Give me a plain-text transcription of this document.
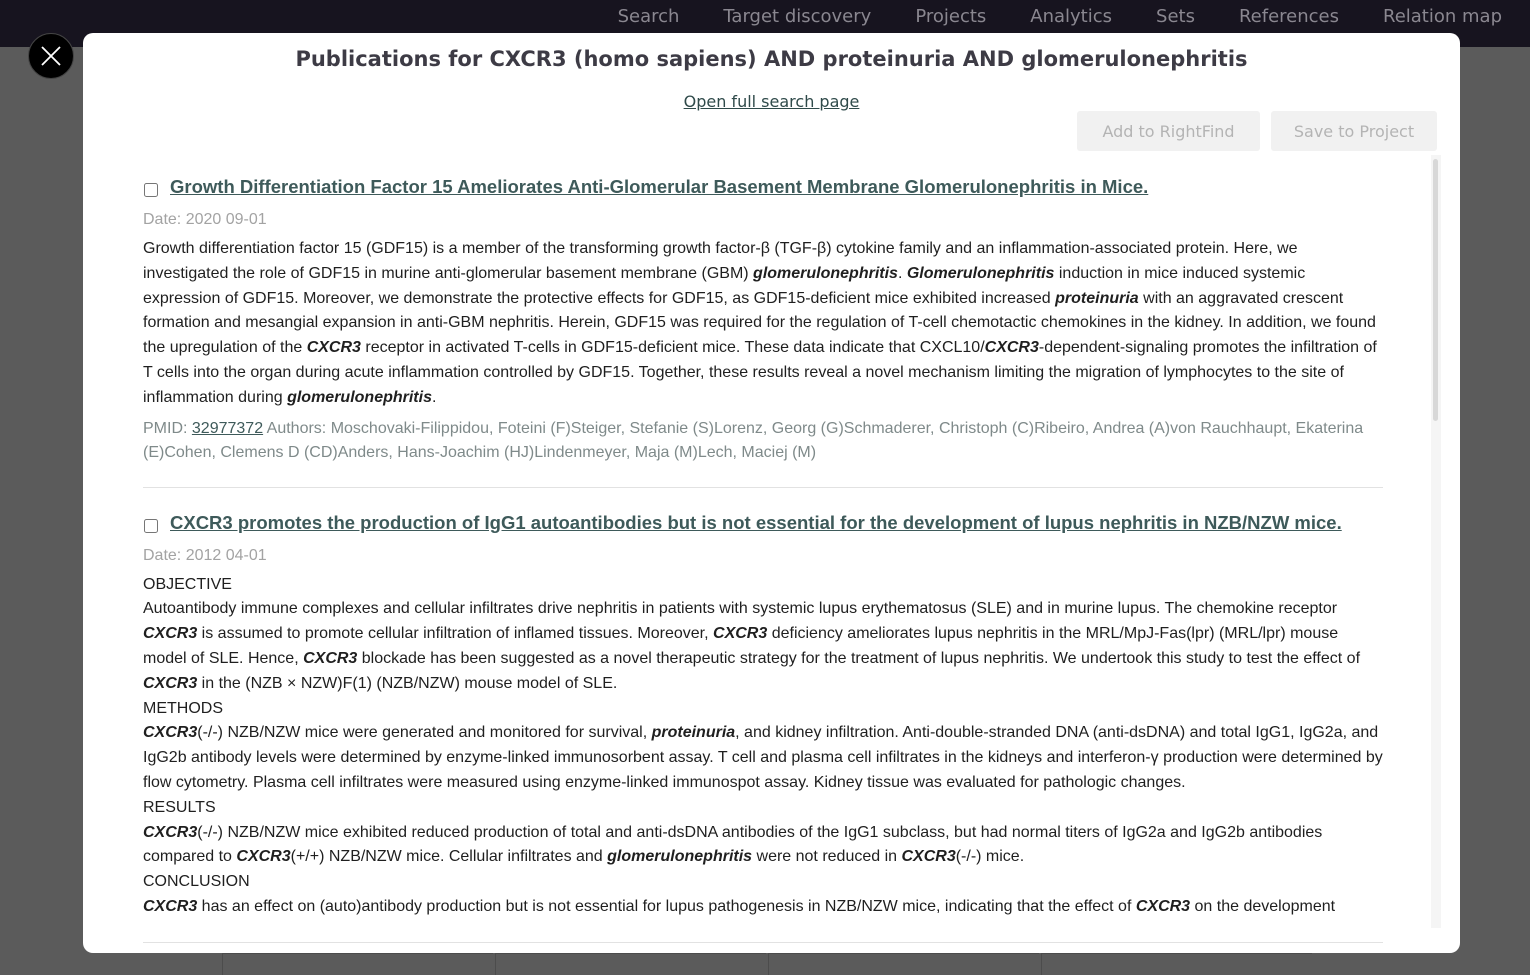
Search Target discovery Projects Analytics Sets References Relation map
Publications for CXCR3 (homo sapiens) AND proteinuria AND glomerulonephritis
Open full search page
Add to RightFind	Save to Project
Growth Differentiation Factor 15 Ameliorates Anti-Glomerular Basement Membrane Glomerulonephritis in Mice.
Date: 2020 09-01
Growth differentiation factor 15 (GDF15) is a member of the transforming growth factor-β (TGF-β) cytokine family and an inflammation-associated protein. Here, we investigated the role of GDF15 in murine anti-glomerular basement membrane (GBM) glomerulonephritis. Glomerulonephritis induction in mice induced systemic expression of GDF15. Moreover, we demonstrate the protective effects for GDF15, as GDF15-deficient mice exhibited increased proteinuria with an aggravated crescent formation and mesangial expansion in anti-GBM nephritis. Herein, GDF15 was required for the regulation of T-cell chemotactic chemokines in the kidney. In addition, we found the upregulation of the CXCR3 receptor in activated T-cells in GDF15-deficient mice. These data indicate that CXCL10/CXCR3-dependent-signaling promotes the infiltration of T cells into the organ during acute inflammation controlled by GDF15. Together, these results reveal a novel mechanism limiting the migration of lymphocytes to the site of inflammation during glomerulonephritis.
PMID: 32977372 Authors: Moschovaki-Filippidou, Foteini (F)Steiger, Stefanie (S)Lorenz, Georg (G)Schmaderer, Christoph (C)Ribeiro, Andrea (A)von Rauchhaupt, Ekaterina (E)Cohen, Clemens D (CD)Anders, Hans-Joachim (HJ)Lindenmeyer, Maja (M)Lech, Maciej (M)
CXCR3 promotes the production of IgG1 autoantibodies but is not essential for the development of lupus nephritis in NZB/NZW mice.
Date: 2012 04-01
OBJECTIVE
Autoantibody immune complexes and cellular infiltrates drive nephritis in patients with systemic lupus erythematosus (SLE) and in murine lupus. The chemokine receptor CXCR3 is assumed to promote cellular infiltration of inflamed tissues. Moreover, CXCR3 deficiency ameliorates lupus nephritis in the MRL/MpJ-Fas(lpr) (MRL/lpr) mouse model of SLE. Hence, CXCR3 blockade has been suggested as a novel therapeutic strategy for the treatment of lupus nephritis. We undertook this study to test the effect of CXCR3 in the (NZB × NZW)F(1) (NZB/NZW) mouse model of SLE.
METHODS
CXCR3(-/-) NZB/NZW mice were generated and monitored for survival, proteinuria, and kidney infiltration. Anti-double-stranded DNA (anti-dsDNA) and total IgG1, IgG2a, and IgG2b antibody levels were determined by enzyme-linked immunosorbent assay. T cell and plasma cell infiltrates in the kidneys and interferon-γ production were determined by flow cytometry. Plasma cell infiltrates were measured using enzyme-linked immunospot assay. Kidney tissue was evaluated for pathologic changes.
RESULTS
CXCR3(-/-) NZB/NZW mice exhibited reduced production of total and anti-dsDNA antibodies of the IgG1 subclass, but had normal titers of IgG2a and IgG2b antibodies compared to CXCR3(+/+) NZB/NZW mice. Cellular infiltrates and glomerulonephritis were not reduced in CXCR3(-/-) mice.
CONCLUSION
CXCR3 has an effect on (auto)antibody production but is not essential for lupus pathogenesis in NZB/NZW mice, indicating that the effect of CXCR3 on the development
